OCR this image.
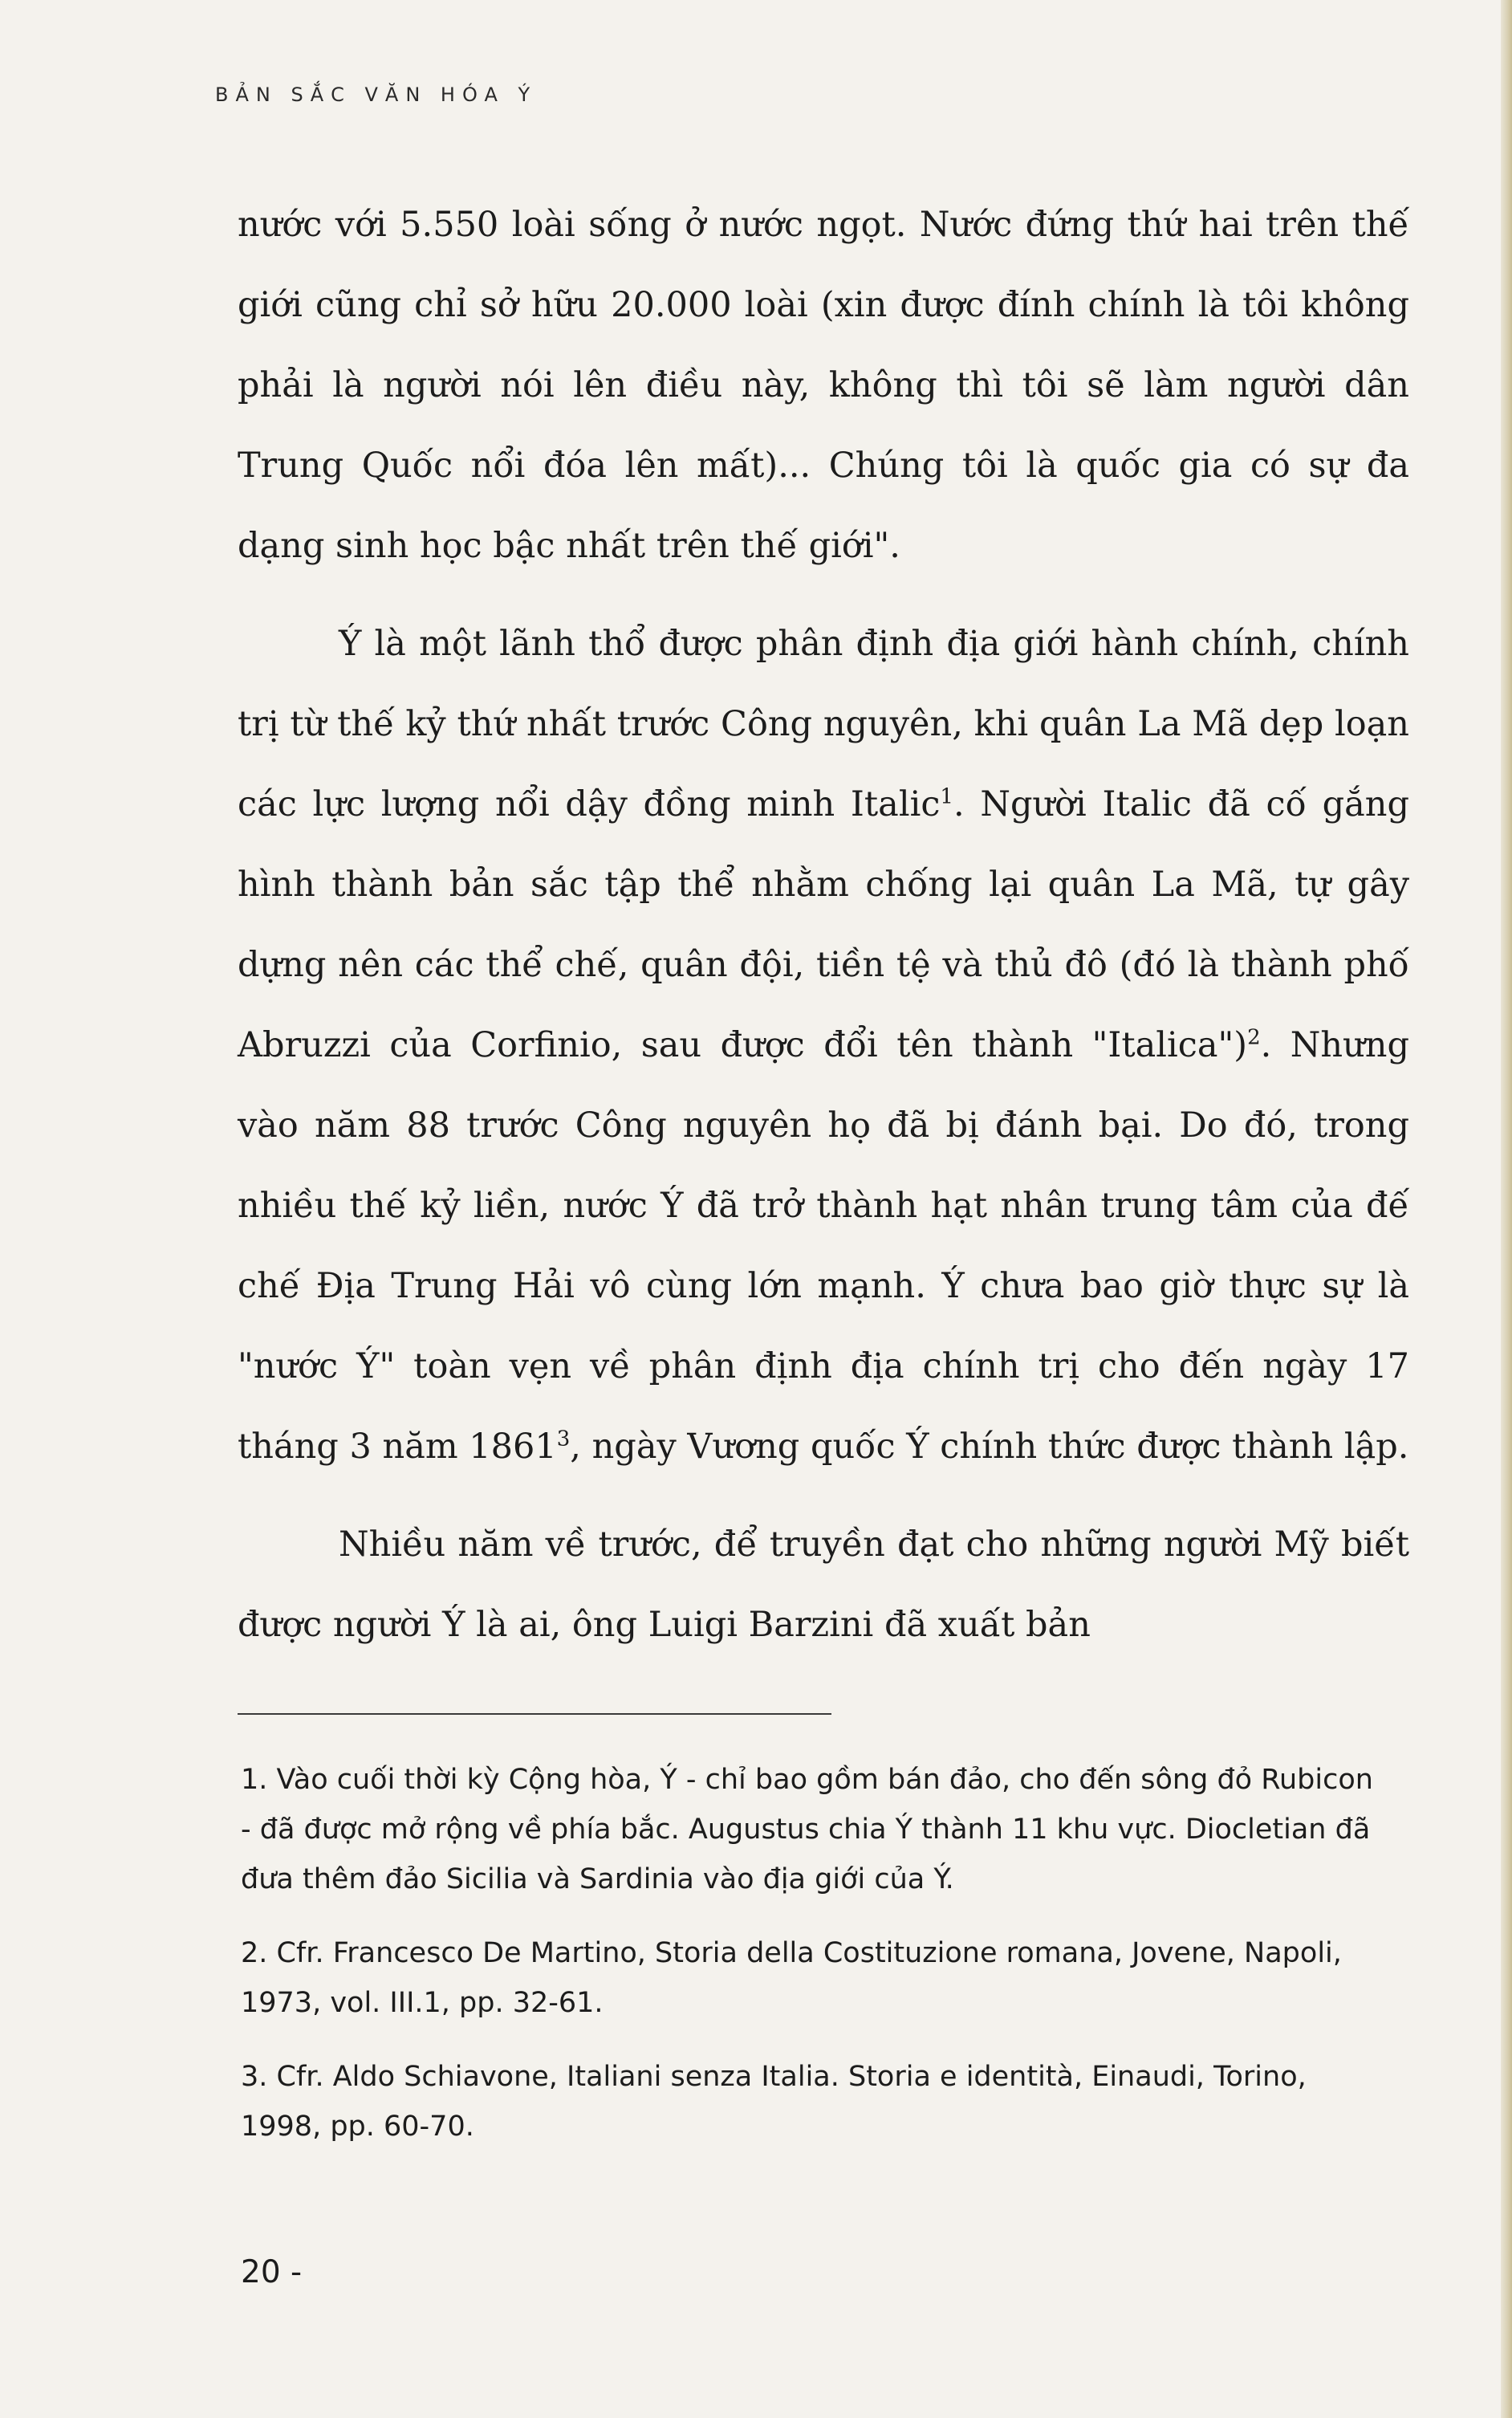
BẢN SẮC VĂN HÓA Ý

nước với 5.550 loài sống ở nước ngọt. Nước đứng thứ hai trên thế giới cũng chỉ sở hữu 20.000 loài (xin được đính chính là tôi không phải là người nói lên điều này, không thì tôi sẽ làm người dân Trung Quốc nổi đóa lên mất)... Chúng tôi là quốc gia có sự đa dạng sinh học bậc nhất trên thế giới".

Ý là một lãnh thổ được phân định địa giới hành chính, chính trị từ thế kỷ thứ nhất trước Công nguyên, khi quân La Mã dẹp loạn các lực lượng nổi dậy đồng minh Italic$^1$. Người Italic đã cố gắng hình thành bản sắc tập thể nhằm chống lại quân La Mã, tự gây dựng nên các thể chế, quân đội, tiền tệ và thủ đô (đó là thành phố Abruzzi của Corfinio, sau được đổi tên thành "Italica")$^2$. Nhưng vào năm 88 trước Công nguyên họ đã bị đánh bại. Do đó, trong nhiều thế kỷ liền, nước Ý đã trở thành hạt nhân trung tâm của đế chế Địa Trung Hải vô cùng lớn mạnh. Ý chưa bao giờ thực sự là "nước Ý" toàn vẹn về phân định địa chính trị cho đến ngày 17 tháng 3 năm 1861$^3$, ngày Vương quốc Ý chính thức được thành lập.

Nhiều năm về trước, để truyền đạt cho những người Mỹ biết được người Ý là ai, ông Luigi Barzini đã xuất bản

1. Vào cuối thời kỳ Cộng hòa, Ý - chỉ bao gồm bán đảo, cho đến sông đỏ Rubicon - đã được mở rộng về phía bắc. Augustus chia Ý thành 11 khu vực. Diocletian đã đưa thêm đảo Sicilia và Sardinia vào địa giới của Ý.

2. Cfr. Francesco De Martino, Storia della Costituzione romana, Jovene, Napoli, 1973, vol. III.1, pp. 32-61.

3. Cfr. Aldo Schiavone, Italiani senza Italia. Storia e identità, Einaudi, Torino, 1998, pp. 60-70.

20 -
